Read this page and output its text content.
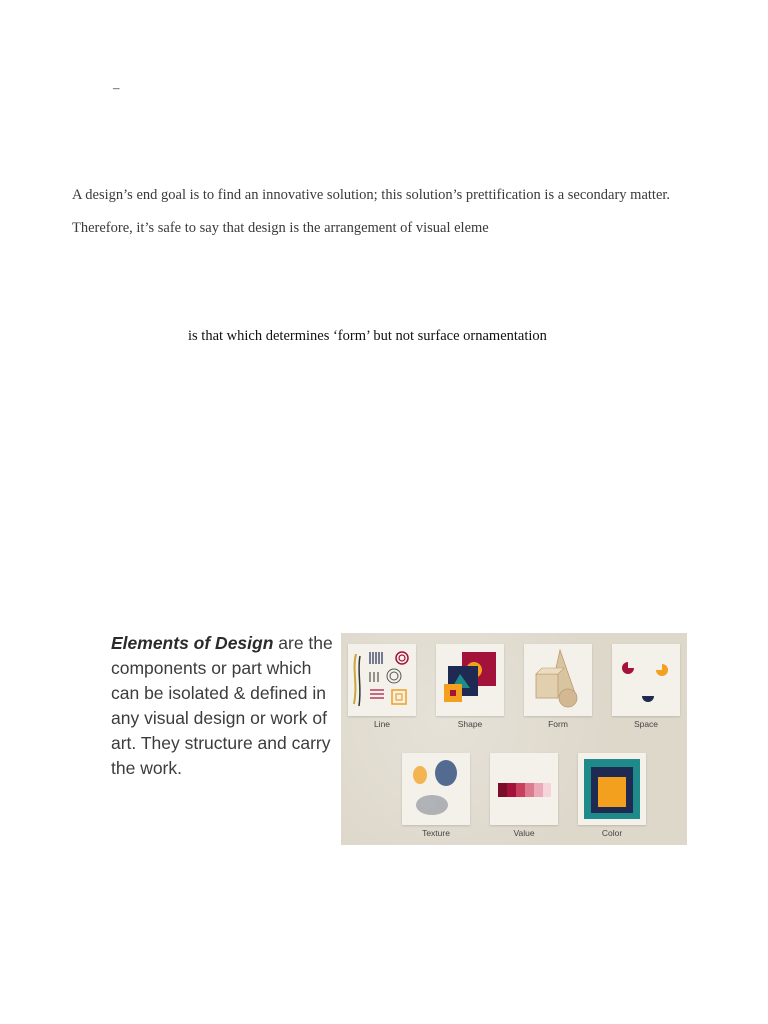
–
A design’s end goal is to find an innovative solution; this solution’s prettification is a secondary matter.
Therefore, it’s safe to say that design is the arrangement of visual eleme
is that which determines ‘form’ but not surface ornamentation
Elements of Design are the components or part which can be isolated & defined in any visual design or work of art. They structure and carry the work.
Line	Shape	Form	Space
Texture	Value	Color
